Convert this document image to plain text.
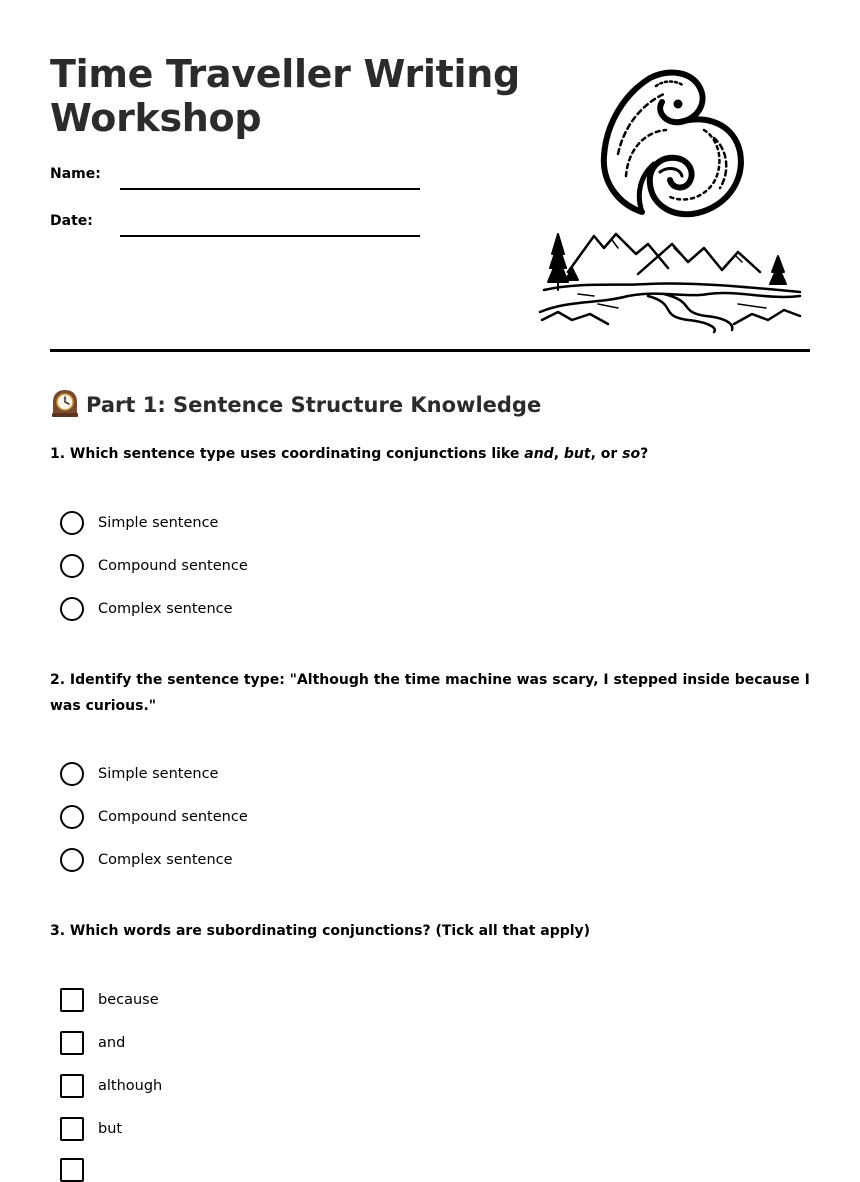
Time Traveller Writing Workshop
Name:
Date:
Part 1: Sentence Structure Knowledge

1. Which sentence type uses coordinating conjunctions like and, but, or so?

Simple sentence
Compound sentence
Complex sentence

2. Identify the sentence type: "Although the time machine was scary, I stepped inside because I was curious."

Simple sentence
Compound sentence
Complex sentence

3. Which words are subordinating conjunctions? (Tick all that apply)

because
and
although
but
